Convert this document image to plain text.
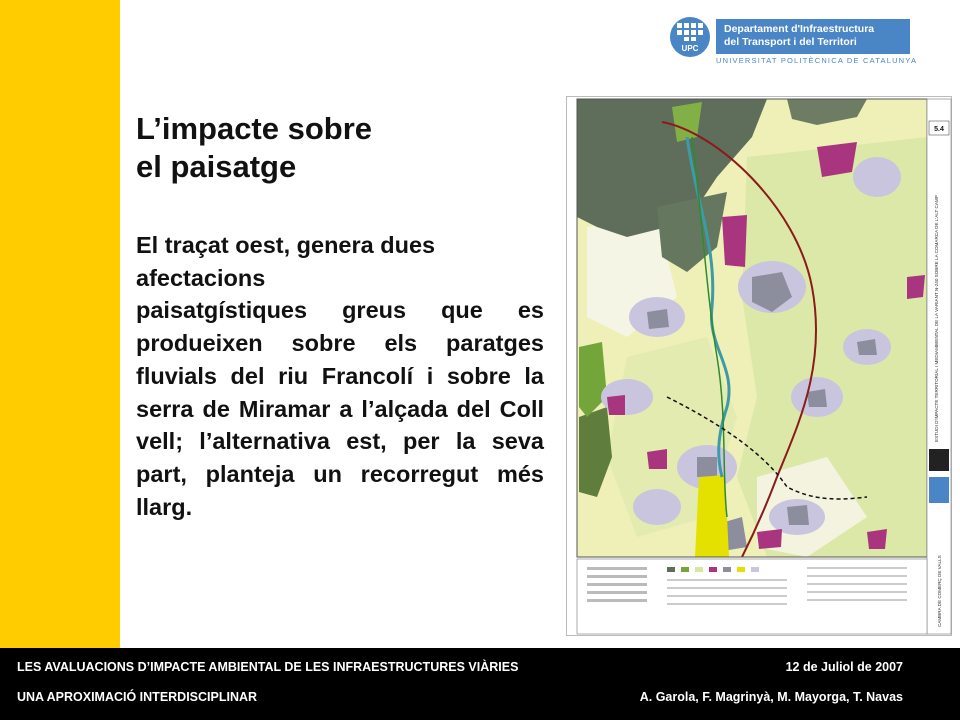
UPC
Departament d'Infraestructura
del Transport i del Territori
UNIVERSITAT POLITÈCNICA DE CATALUNYA
L’impacte sobre
el paisatge
El traçat oest, genera dues afectacions
paisatgístiques greus que es produeixen sobre els paratges fluvials del riu Francolí i sobre la serra de Miramar a l’alçada del Coll vell; l’alternativa est, per la seva part, planteja un recorregut més llarg.
5.4
ESTUDI D'IMPACTE TERRITORIAL I MEDIAMBIENTAL DE LA VARIANT N-240 SOBRE LA COMARCA DE L'ALT CAMP
CAMBRA DE COMERÇ DE VALLS
LES AVALUACIONS D’IMPACTE AMBIENTAL DE LES INFRAESTRUCTURES VIÀRIES	12 de Juliol de 2007
UNA APROXIMACIÓ INTERDISCIPLINAR	A. Garola, F. Magrinyà, M. Mayorga, T. Navas
